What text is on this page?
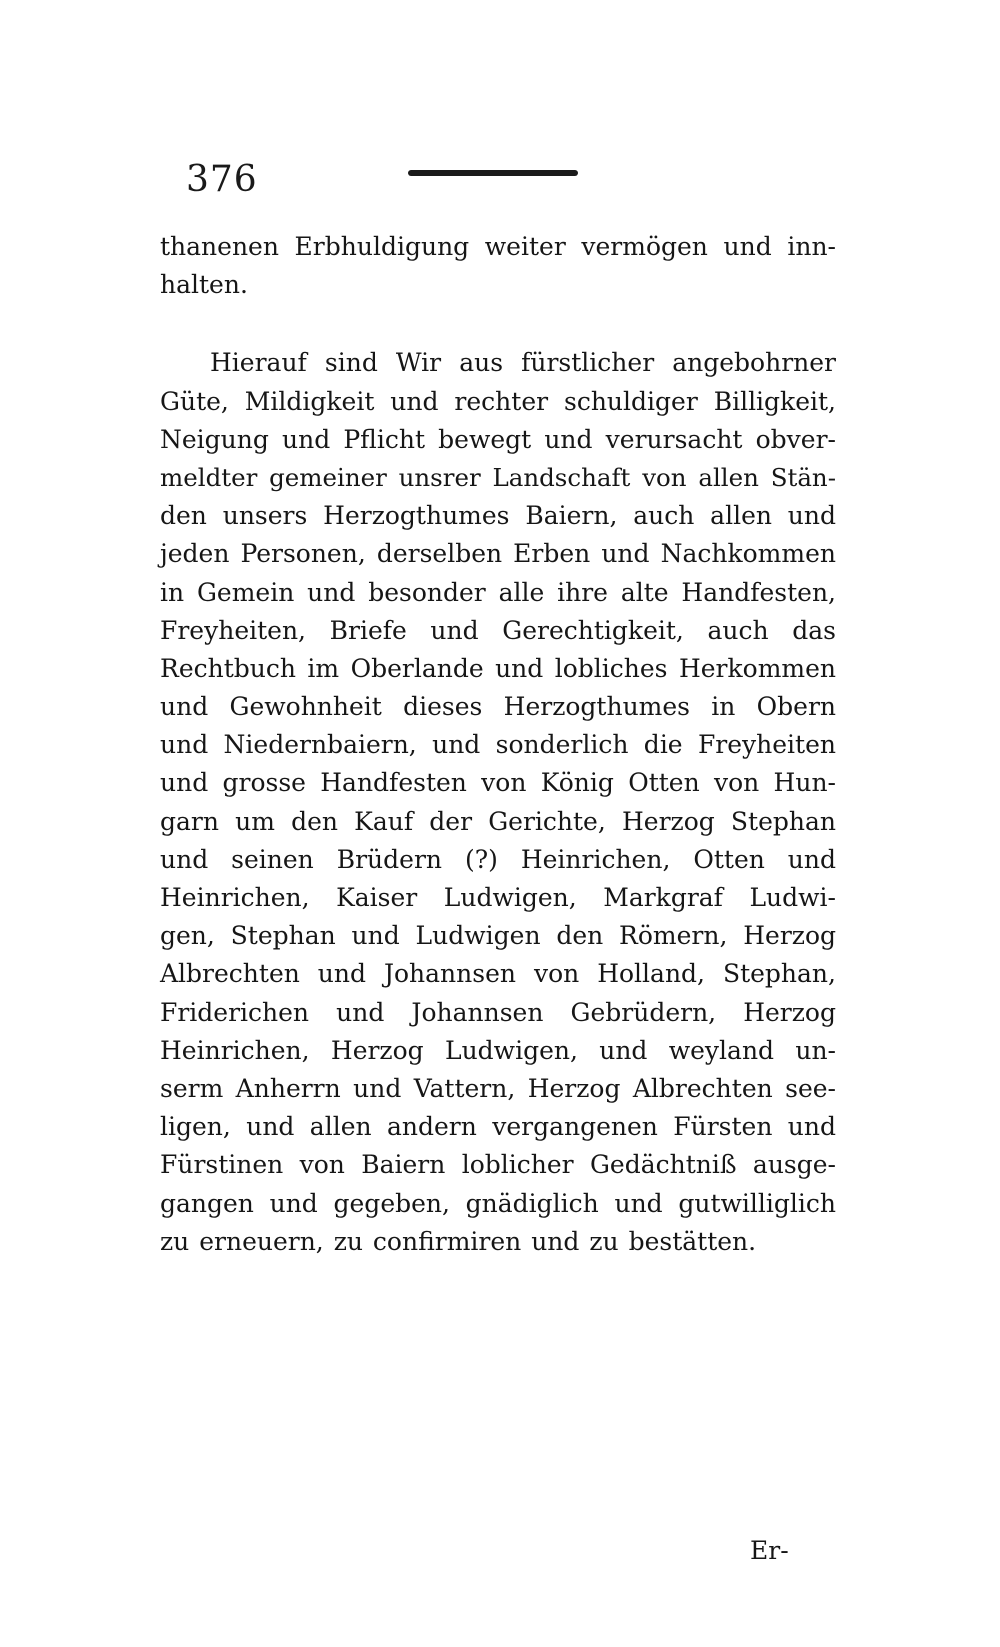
376
thanenen Erbhuldigung weiter vermögen und inn-
halten.
Hierauf sind Wir aus fürstlicher angebohrner
Güte, Mildigkeit und rechter schuldiger Billigkeit,
Neigung und Pflicht bewegt und verursacht obver-
meldter gemeiner unsrer Landschaft von allen Stän-
den unsers Herzogthumes Baiern, auch allen und
jeden Personen, derselben Erben und Nachkommen
in Gemein und besonder alle ihre alte Handfesten,
Freyheiten, Briefe und Gerechtigkeit, auch das
Rechtbuch im Oberlande und lobliches Herkommen
und Gewohnheit dieses Herzogthumes in Obern
und Niedernbaiern, und sonderlich die Freyheiten
und grosse Handfesten von König Otten von Hun-
garn um den Kauf der Gerichte, Herzog Stephan
und seinen Brüdern (?) Heinrichen, Otten und
Heinrichen, Kaiser Ludwigen, Markgraf Ludwi-
gen, Stephan und Ludwigen den Römern, Herzog
Albrechten und Johannsen von Holland, Stephan,
Friderichen und Johannsen Gebrüdern, Herzog
Heinrichen, Herzog Ludwigen, und weyland un-
serm Anherrn und Vattern, Herzog Albrechten see-
ligen, und allen andern vergangenen Fürsten und
Fürstinen von Baiern loblicher Gedächtniß ausge-
gangen und gegeben, gnädiglich und gutwilliglich
zu erneuern, zu confirmiren und zu bestätten.
Er-
